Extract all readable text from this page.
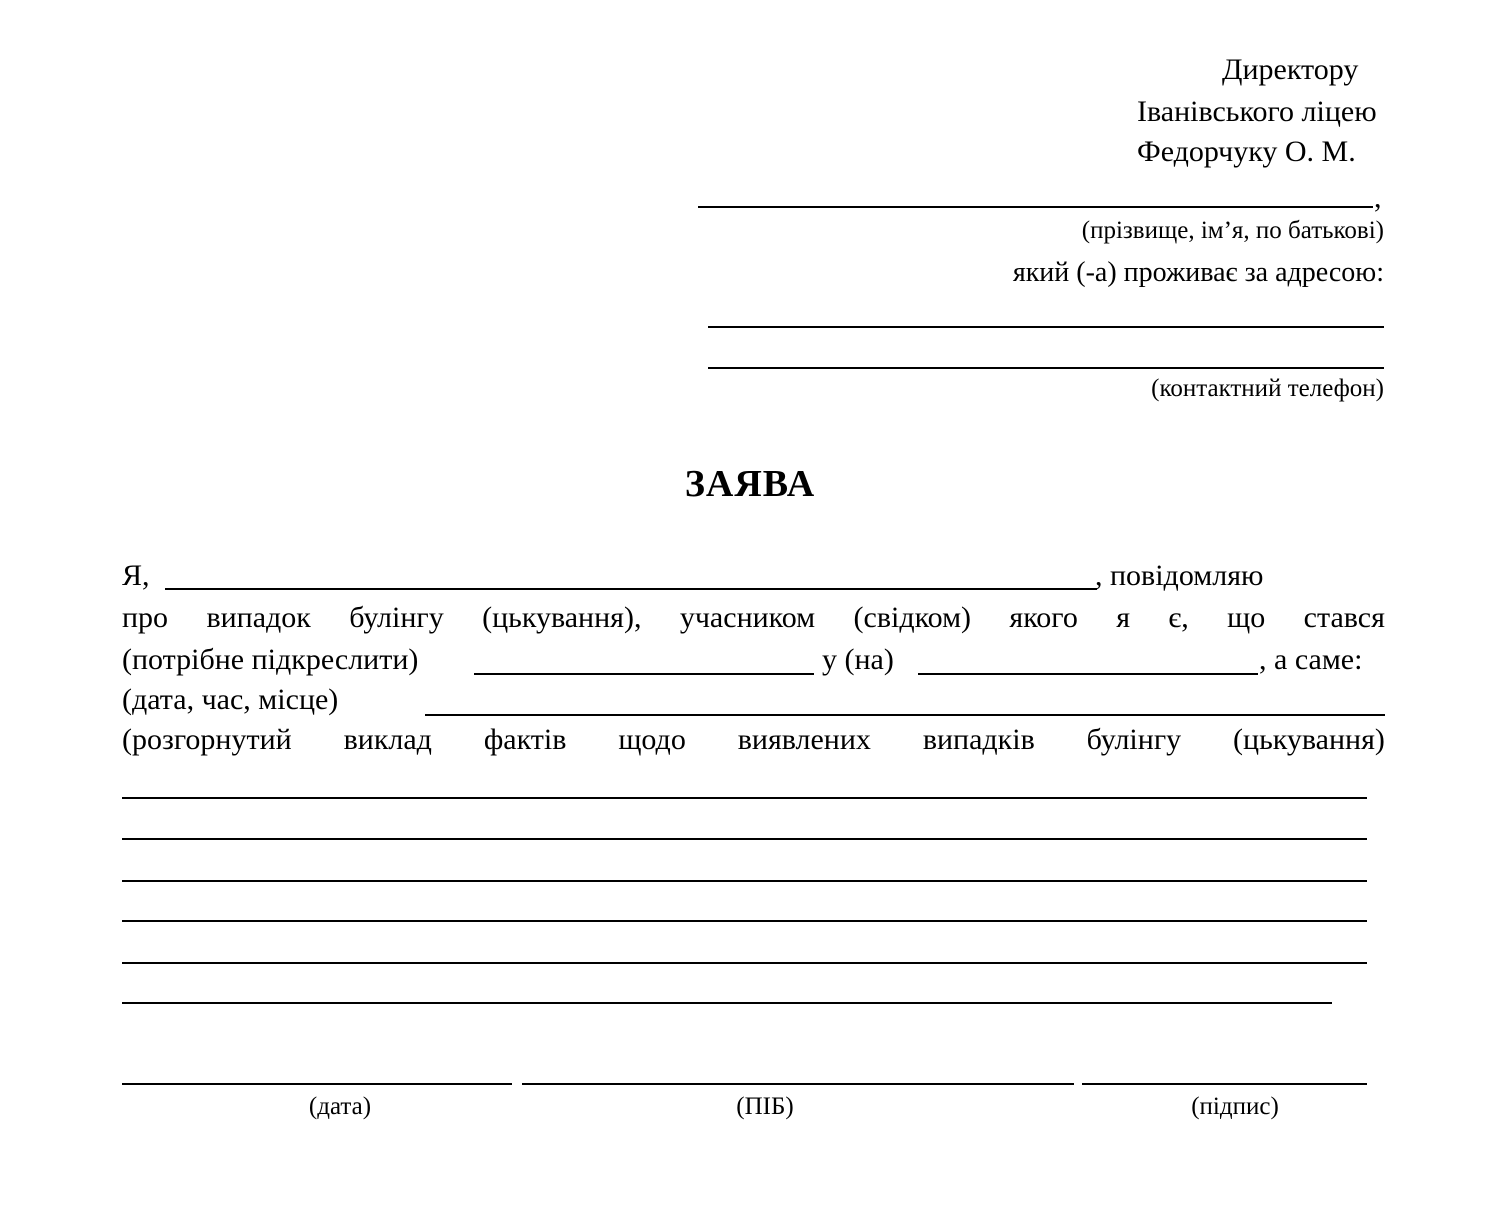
Директору
Іванівського ліцею
Федорчуку О. М.
,
(прізвище, ім’я, по батькові)
який (-а) проживає за адресою:
(контактний телефон)
ЗАЯВА
Я,	, повідомляю
про випадок булінгу (цькування), учасником (свідком) якого я є, що стався
(потрібне підкреслити)	у (на)	, а саме:
(дата, час, місце)
(розгорнутий виклад фактів щодо виявлених випадків булінгу (цькування)
(дата)	(ПІБ)	(підпис)
